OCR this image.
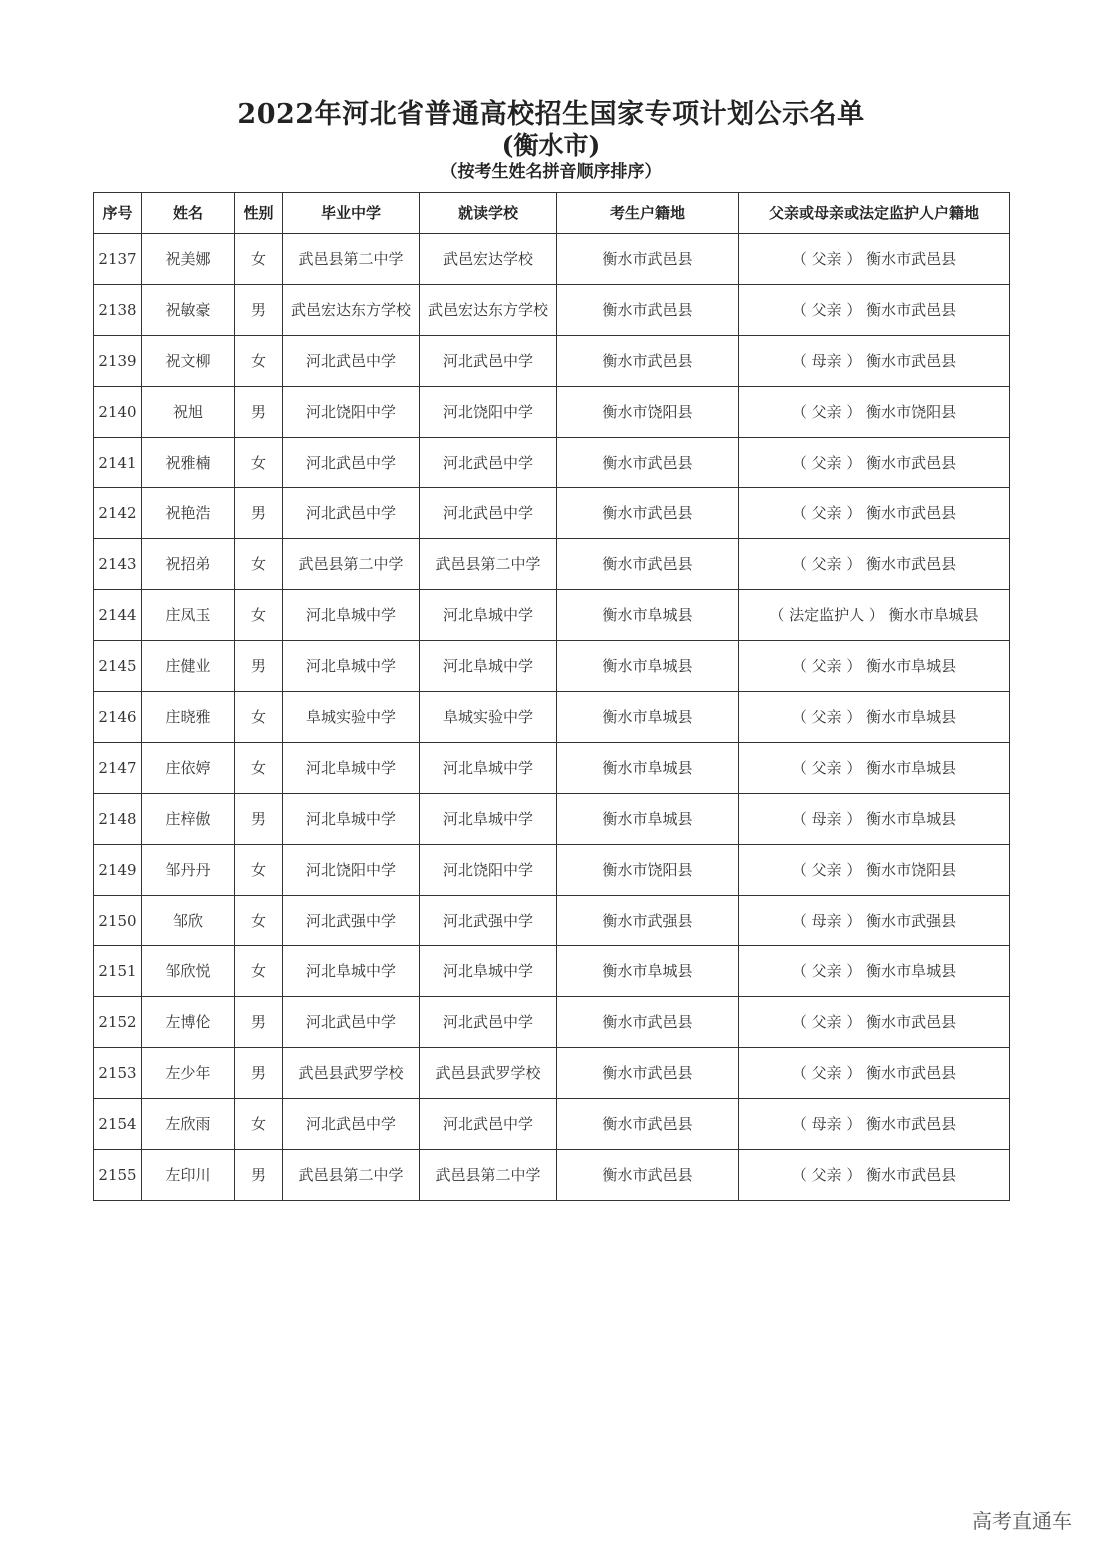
2022年河北省普通高校招生国家专项计划公示名单
(衡水市)
（按考生姓名拼音顺序排序）
序号	姓名	性别	毕业中学	就读学校	考生户籍地	父亲或母亲或法定监护人户籍地
2137	祝美娜	女	武邑县第二中学	武邑宏达学校	衡水市武邑县	（ 父亲 ） 衡水市武邑县
2138	祝敏豪	男	武邑宏达东方学校	武邑宏达东方学校	衡水市武邑县	（ 父亲 ） 衡水市武邑县
2139	祝文柳	女	河北武邑中学	河北武邑中学	衡水市武邑县	（ 母亲 ） 衡水市武邑县
2140	祝旭	男	河北饶阳中学	河北饶阳中学	衡水市饶阳县	（ 父亲 ） 衡水市饶阳县
2141	祝雅楠	女	河北武邑中学	河北武邑中学	衡水市武邑县	（ 父亲 ） 衡水市武邑县
2142	祝艳浩	男	河北武邑中学	河北武邑中学	衡水市武邑县	（ 父亲 ） 衡水市武邑县
2143	祝招弟	女	武邑县第二中学	武邑县第二中学	衡水市武邑县	（ 父亲 ） 衡水市武邑县
2144	庄凤玉	女	河北阜城中学	河北阜城中学	衡水市阜城县	（ 法定监护人 ） 衡水市阜城县
2145	庄健业	男	河北阜城中学	河北阜城中学	衡水市阜城县	（ 父亲 ） 衡水市阜城县
2146	庄晓雅	女	阜城实验中学	阜城实验中学	衡水市阜城县	（ 父亲 ） 衡水市阜城县
2147	庄依婷	女	河北阜城中学	河北阜城中学	衡水市阜城县	（ 父亲 ） 衡水市阜城县
2148	庄梓傲	男	河北阜城中学	河北阜城中学	衡水市阜城县	（ 母亲 ） 衡水市阜城县
2149	邹丹丹	女	河北饶阳中学	河北饶阳中学	衡水市饶阳县	（ 父亲 ） 衡水市饶阳县
2150	邹欣	女	河北武强中学	河北武强中学	衡水市武强县	（ 母亲 ） 衡水市武强县
2151	邹欣悦	女	河北阜城中学	河北阜城中学	衡水市阜城县	（ 父亲 ） 衡水市阜城县
2152	左博伦	男	河北武邑中学	河北武邑中学	衡水市武邑县	（ 父亲 ） 衡水市武邑县
2153	左少年	男	武邑县武罗学校	武邑县武罗学校	衡水市武邑县	（ 父亲 ） 衡水市武邑县
2154	左欣雨	女	河北武邑中学	河北武邑中学	衡水市武邑县	（ 母亲 ） 衡水市武邑县
2155	左印川	男	武邑县第二中学	武邑县第二中学	衡水市武邑县	（ 父亲 ） 衡水市武邑县
高考直通车
